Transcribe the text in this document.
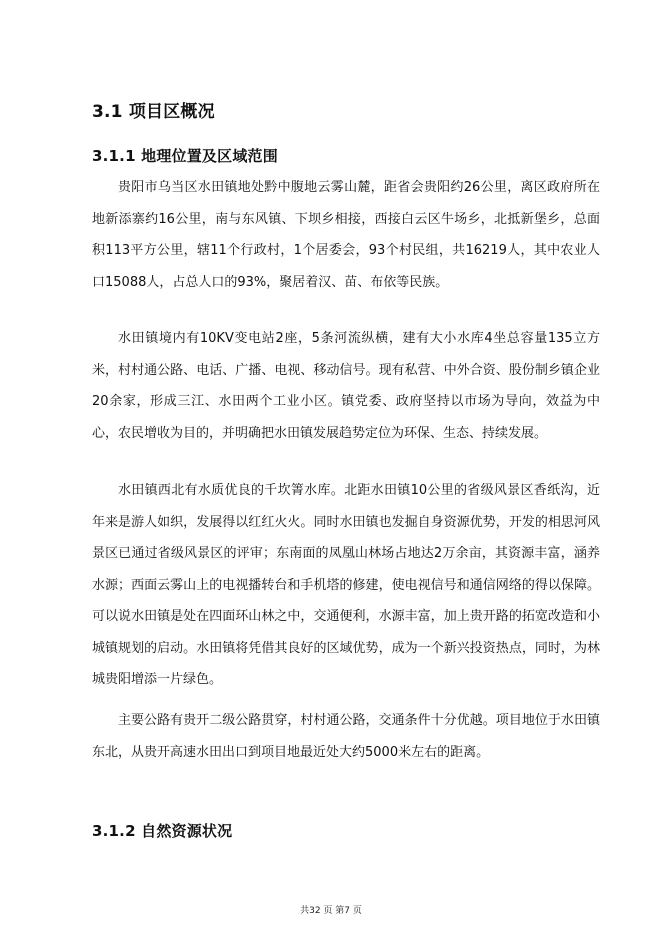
3.1 项目区概况
3.1.1 地理位置及区域范围

贵阳市乌当区水田镇地处黔中腹地云雾山麓，距省会贵阳约26公里，离区政府所在地新添寨约16公里，南与东风镇、下坝乡相接，西接白云区牛场乡，北抵新堡乡，总面积113平方公里，辖11个行政村，1个居委会，93个村民组，共16219人，其中农业人口15088人，占总人口的93%，聚居着汉、苗、布依等民族。

水田镇境内有10KV变电站2座，5条河流纵横，建有大小水库4坐总容量135立方米，村村通公路、电话、广播、电视、移动信号。现有私营、中外合资、股份制乡镇企业20余家，形成三江、水田两个工业小区。镇党委、政府坚持以市场为导向，效益为中心，农民增收为目的，并明确把水田镇发展趋势定位为环保、生态、持续发展。

水田镇西北有水质优良的千坎箐水库。北距水田镇10公里的省级风景区香纸沟，近年来是游人如织，发展得以红红火火。同时水田镇也发掘自身资源优势，开发的相思河风景区已通过省级风景区的评审；东南面的凤凰山林场占地达2万余亩，其资源丰富，涵养水源；西面云雾山上的电视播转台和手机塔的修建，使电视信号和通信网络的得以保障。可以说水田镇是处在四面环山林之中，交通便利，水源丰富，加上贵开路的拓宽改造和小城镇规划的启动。水田镇将凭借其良好的区域优势，成为一个新兴投资热点，同时，为林城贵阳增添一片绿色。

主要公路有贵开二级公路贯穿，村村通公路，交通条件十分优越。项目地位于水田镇东北，从贵开高速水田出口到项目地最近处大约5000米左右的距离。

3.1.2 自然资源状况
共32 页 第7 页
